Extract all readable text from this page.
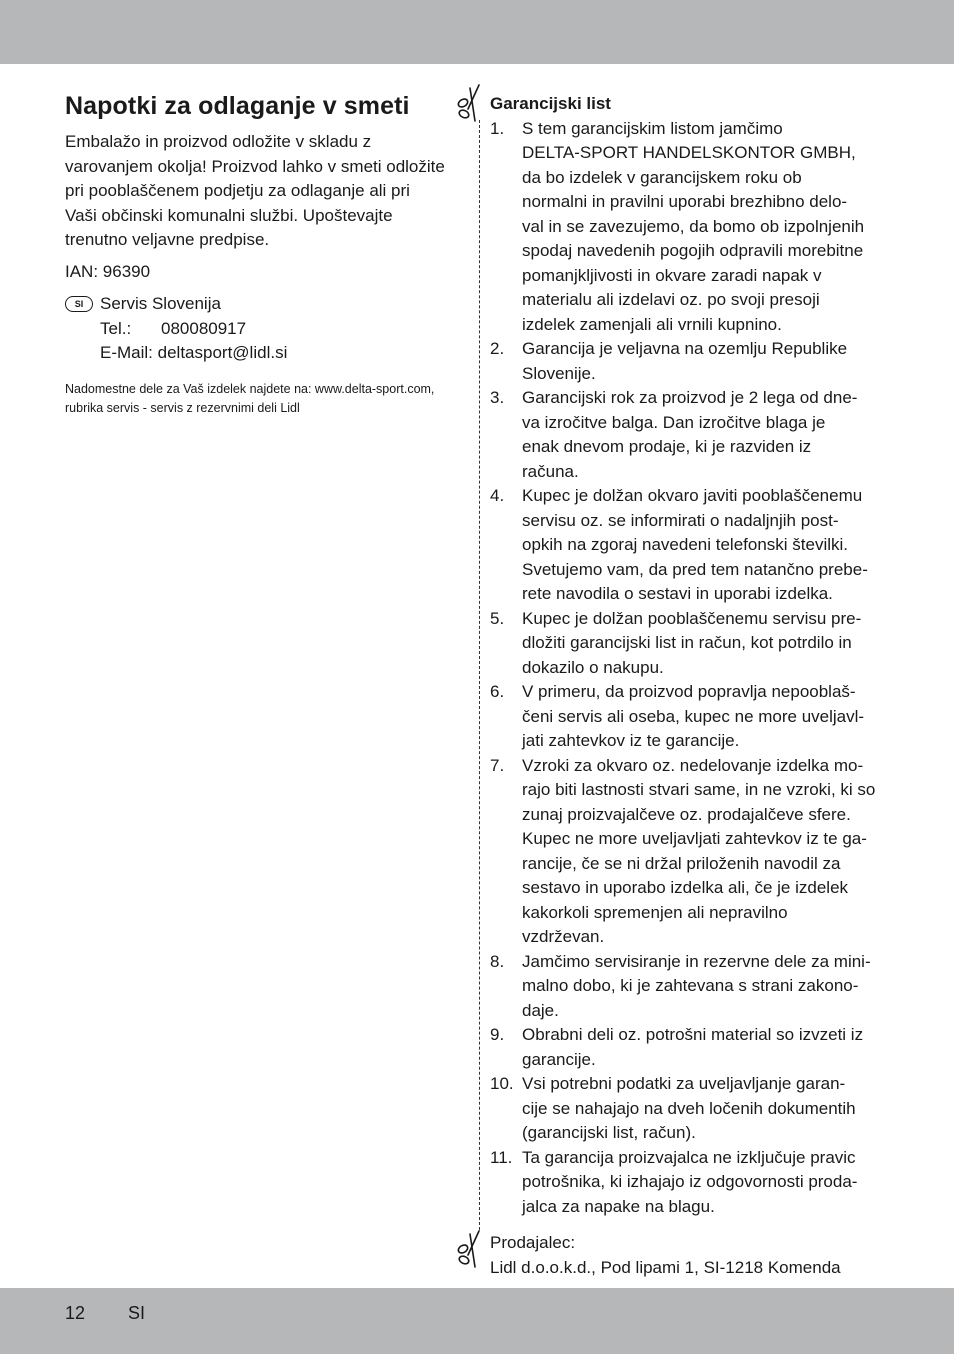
Napotki za odlaganje v smeti

Embalažo in proizvod odložite v skladu z varovanjem okolja! Proizvod lahko v smeti odložite pri pooblaščenem podjetju za odlaganje ali pri Vaši občinski komunalni službi. Upoštevajte trenutno veljavne predpise.

IAN: 96390

SI Servis Slovenija
Tel.:	080080917
E-Mail:
deltasport@lidl.si
Nadomestne dele za Vaš izdelek najdete na: www.delta-sport.com, rubrika servis - servis z rezervnimi deli Lidl
Garancijski list
1. S tem garancijskim listom jamčimo
DELTA-SPORT HANDELSKONTOR GMBH,
da bo izdelek v garancijskem roku ob
normalni in pravilni uporabi brezhibno delo-
val in se zavezujemo, da bomo ob izpolnjenih
spodaj navedenih pogojih odpravili morebitne
pomanjkljivosti in okvare zaradi napak v
materialu ali izdelavi oz. po svoji presoji
izdelek zamenjali ali vrnili kupnino.
2. Garancija je veljavna na ozemlju Republike
Slovenije.
3. Garancijski rok za proizvod je 2 lega od dne-
va izročitve balga. Dan izročitve blaga je
enak dnevom prodaje, ki je razviden iz
računa.
4. Kupec je dolžan okvaro javiti pooblaščenemu
servisu oz. se informirati o nadaljnjih post-
opkih na zgoraj navedeni telefonski številki.
Svetujemo vam, da pred tem natančno prebe-
rete navodila o sestavi in uporabi izdelka.
5. Kupec je dolžan pooblaščenemu servisu pre-
dložiti garancijski list in račun, kot potrdilo in
dokazilo o nakupu.
6. V primeru, da proizvod popravlja nepooblaš-
čeni servis ali oseba, kupec ne more uveljavl-
jati zahtevkov iz te garancije.
7. Vzroki za okvaro oz. nedelovanje izdelka mo-
rajo biti lastnosti stvari same, in ne vzroki, ki so
zunaj proizvajalčeve oz. prodajalčeve sfere.
Kupec ne more uveljavljati zahtevkov iz te ga-
rancije, če se ni držal priloženih navodil za
sestavo in uporabo izdelka ali, če je izdelek
kakorkoli spremenjen ali nepravilno
vzdrževan.
8. Jamčimo servisiranje in rezervne dele za mini-
malno dobo, ki je zahtevana s strani zakono-
daje.
9. Obrabni deli oz. potrošni material so izvzeti iz
garancije.
10. Vsi potrebni podatki za uveljavljanje garan-
cije se nahajajo na dveh ločenih dokumentih
(garancijski list, račun).
11. Ta garancija proizvajalca ne izključuje pravic
potrošnika, ki izhajajo iz odgovornosti proda-
jalca za napake na blagu.
Prodajalec:
Lidl d.o.o.k.d., Pod lipami 1, SI-1218 Komenda
12 SI
